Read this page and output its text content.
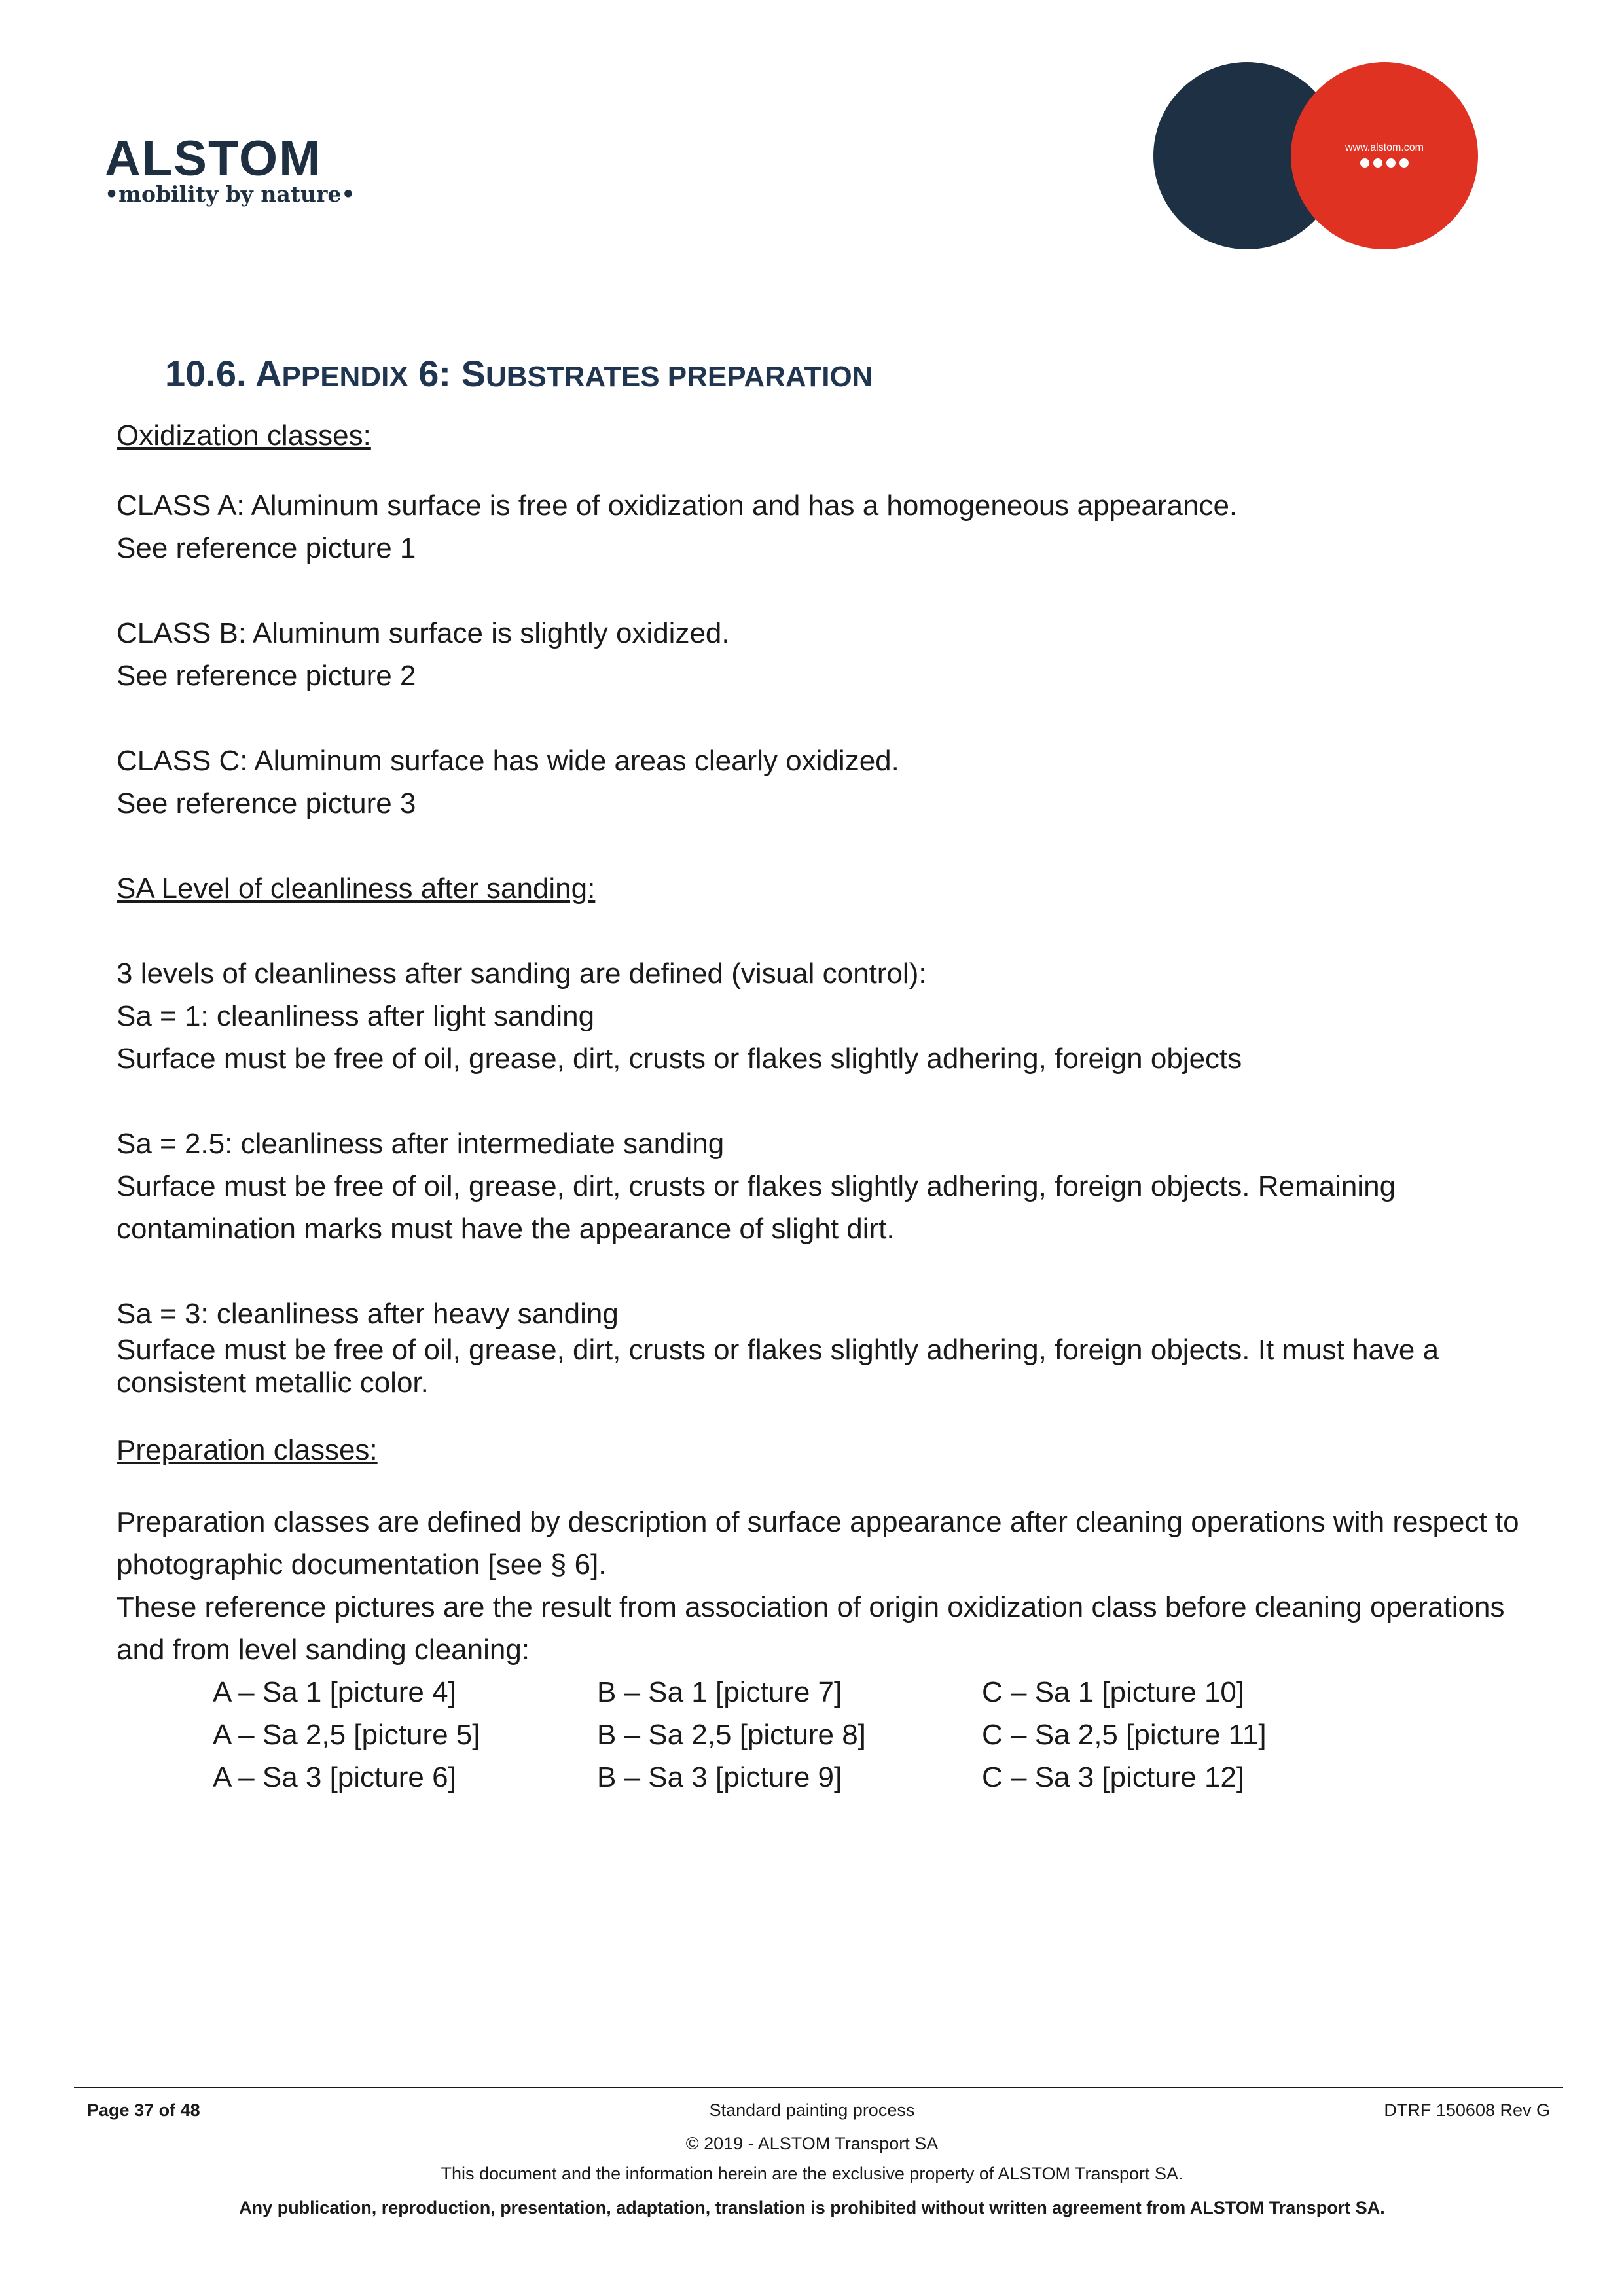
ALSTOM
•mobility by nature•
www.alstom.com
10.6. APPENDIX 6: SUBSTRATES PREPARATION
Oxidization classes:
CLASS A: Aluminum surface is free of oxidization and has a homogeneous appearance.
See reference picture 1
CLASS B: Aluminum surface is slightly oxidized.
See reference picture 2
CLASS C: Aluminum surface has wide areas clearly oxidized.
See reference picture 3
SA Level of cleanliness after sanding:
3 levels of cleanliness after sanding are defined (visual control):
Sa = 1: cleanliness after light sanding
Surface must be free of oil, grease, dirt, crusts or flakes slightly adhering, foreign objects
Sa = 2.5: cleanliness after intermediate sanding
Surface must be free of oil, grease, dirt, crusts or flakes slightly adhering, foreign objects. Remaining
contamination marks must have the appearance of slight dirt.
Sa = 3: cleanliness after heavy sanding
Surface must be free of oil, grease, dirt, crusts or flakes slightly adhering, foreign objects. It must have a
consistent metallic color.
Preparation classes:
Preparation classes are defined by description of surface appearance after cleaning operations with respect to
photographic documentation [see § 6].
These reference pictures are the result from association of origin oxidization class before cleaning operations
and from level sanding cleaning:
A – Sa 1 [picture 4]	B – Sa 1 [picture 7]	C – Sa 1 [picture 10]
A – Sa 2,5 [picture 5]	B – Sa 2,5 [picture 8]	C – Sa 2,5 [picture 11]
A – Sa 3 [picture 6]	B – Sa 3 [picture 9]	C – Sa 3 [picture 12]
Page 37 of 48	Standard painting process	DTRF 150608 Rev G
© 2019 - ALSTOM Transport SA
This document and the information herein are the exclusive property of ALSTOM Transport SA.
Any publication, reproduction, presentation, adaptation, translation is prohibited without written agreement from ALSTOM Transport SA.
